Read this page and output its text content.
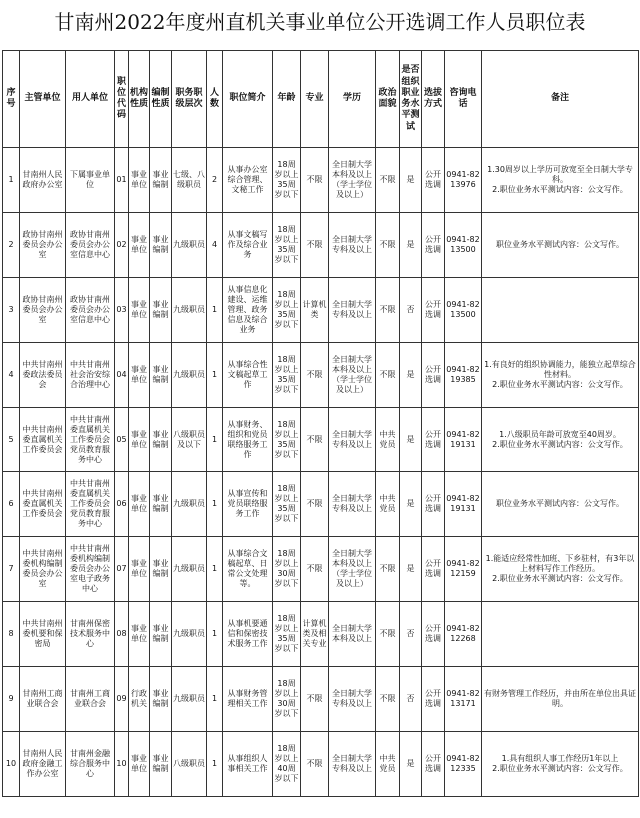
甘南州2022年度州直机关事业单位公开选调工作人员职位表
序号	主管单位	用人单位	职位代码	机构性质	编制性质	职务职级层次	人数	职位简介	年龄	专业	学历	政治面貌	是否组织职业务水平测试	选拔方式	咨询电话	备注
1	甘南州人民政府办公室	下属事业单位	01	事业单位	事业编制	七级、八级职员	2	从事办公室综合管理、文秘工作	18周岁以上35周岁以下	不限	全日制大学本科及以上（学士学位及以上）	不限	是	公开选调	0941-8213976	1.30周岁以上学历可放宽至全日制大学专科。
2.职位业务水平测试内容：公文写作。
2	政协甘南州委员会办公室	政协甘南州委员会办公室信息中心	02	事业单位	事业编制	九级职员	4	从事文稿写作及综合业务	18周岁以上35周岁以下	不限	全日制大学专科及以上	不限	是	公开选调	0941-8213500	职位业务水平测试内容：公文写作。
3	政协甘南州委员会办公室	政协甘南州委员会办公室信息中心	03	事业单位	事业编制	九级职员	1	从事信息化建设、运维管理、政务信息及综合业务	18周岁以上35周岁以下	计算机类	全日制大学专科及以上	不限	否	公开选调	0941-8213500	
4	中共甘南州委政法委员会	中共甘南州社会治安综合治理中心	04	事业单位	事业编制	九级职员	1	从事综合性文稿起草工作	18周岁以上35周岁以下	不限	全日制大学本科及以上（学士学位及以上）	不限	是	公开选调	0941-8219385	1.有良好的组织协调能力，能独立起草综合性材料。
2.职位业务水平测试内容：公文写作。
5	中共甘南州委直属机关工作委员会	中共甘南州委直属机关工作委员会党员教育服务中心	05	事业单位	事业编制	八级职员及以下	1	从事财务、组织和党员联络服务工作	18周岁以上35周岁以下	不限	全日制大学专科及以上	中共党员	是	公开选调	0941-8219131	1.八级职员年龄可放宽至40周岁。
2.职位业务水平测试内容：公文写作。
6	中共甘南州委直属机关工作委员会	中共甘南州委直属机关工作委员会党员教育服务中心	06	事业单位	事业编制	九级职员	1	从事宣传和党员联络服务工作	18周岁以上35周岁以下	不限	全日制大学专科及以上	中共党员	是	公开选调	0941-8219131	职位业务水平测试内容：公文写作。
7	中共甘南州委机构编制委员会办公室	中共甘南州委机构编制委员会办公室电子政务中心	07	事业单位	事业编制	九级职员	1	从事综合文稿起草、日常公文处理等。	18周岁以上30周岁以下	不限	全日制大学本科及以上（学士学位及以上）	不限	是	公开选调	0941-8212159	1.能适应经常性加班、下乡驻村，有3年以上材料写作工作经历。
2.职位业务水平测试内容：公文写作。
8	中共甘南州委机要和保密局	甘南州保密技术服务中心	08	事业单位	事业编制	九级职员	1	从事机要通信和保密技术服务工作	18周岁以上35周岁以下	计算机类及相关专业	全日制大学本科及以上	不限	否	公开选调	0941-8212268	
9	甘南州工商业联合会	甘南州工商业联合会	09	行政机关	事业编制	九级职员	1	从事财务管理相关工作	18周岁以上30周岁以下	不限	全日制大学专科及以上	不限	否	公开选调	0941-8213171	有财务管理工作经历，并由所在单位出具证明。
10	甘南州人民政府金融工作办公室	甘南州金融综合服务中心	10	事业单位	事业编制	八级职员	1	从事组织人事相关工作	18周岁以上40周岁以下	不限	全日制大学专科及以上	中共党员	是	公开选调	0941-8212335	1.具有组织人事工作经历1年以上
2.职位业务水平测试内容：公文写作。
